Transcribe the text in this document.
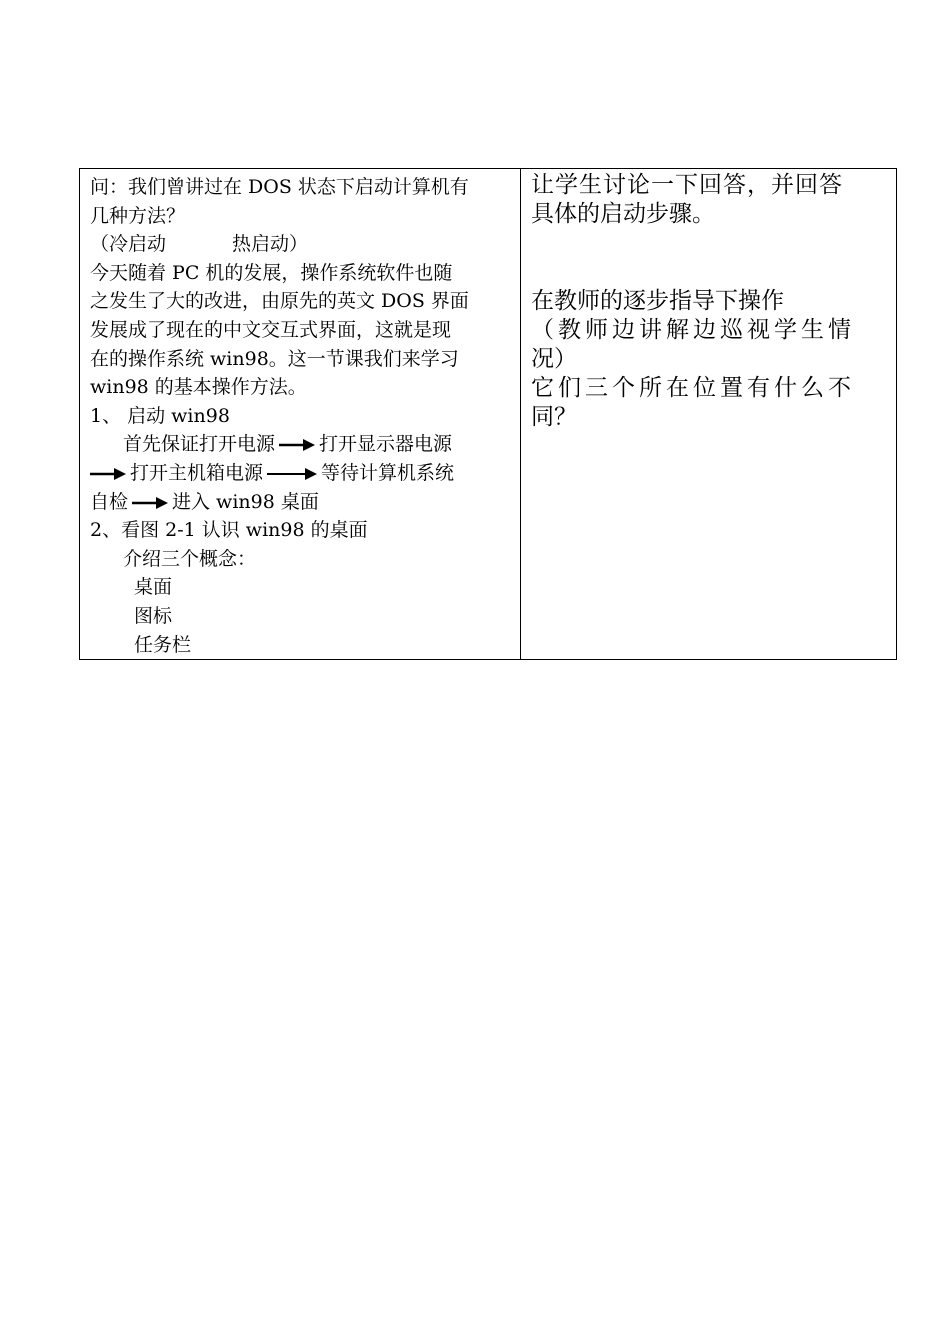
问：我们曾讲过在 DOS 状态下启动计算机有
几种方法？
（冷启动	热启动）
今天随着 PC 机的发展，操作系统软件也随
之发生了大的改进，由原先的英文 DOS 界面
发展成了现在的中文交互式界面，这就是现
在的操作系统 win98。这一节课我们来学习
win98 的基本操作方法。
1、 启动 win98
首先保证打开电源 打开显示器电源
打开主机箱电源	等待计算机系统
自检 进入 win98 桌面
2、看图 2-1 认识 win98 的桌面
介绍三个概念：
桌面
图标
任务栏

让学生讨论一下回答，并回答
具体的启动步骤。
在教师的逐步指导下操作
（教师边讲解边巡视学生情
况）
它们三个所在位置有什么不
同？
